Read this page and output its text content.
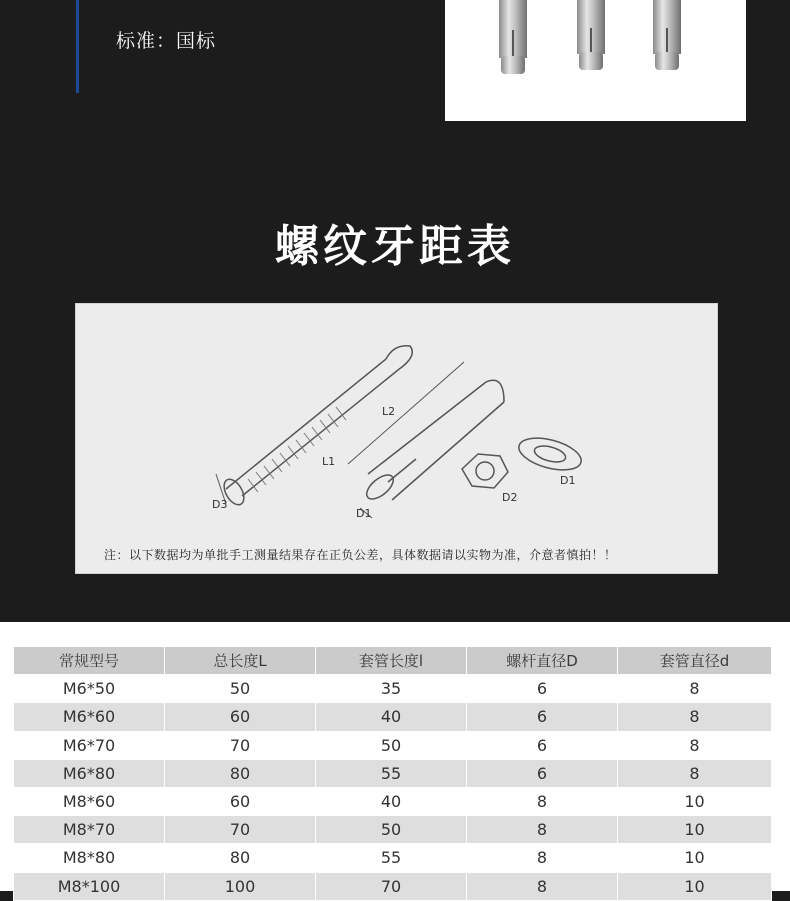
标准：国标
螺纹牙距表
D3
L1
L2
D1
D2
D1
注：以下数据均为单批手工测量结果存在正负公差，具体数据请以实物为准，介意者慎拍！！
常规型号	总长度L	套管长度l	螺杆直径D	套管直径d
M6*50	50	35	6	8
M6*60	60	40	6	8
M6*70	70	50	6	8
M6*80	80	55	6	8
M8*60	60	40	8	10
M8*70	70	50	8	10
M8*80	80	55	8	10
M8*100	100	70	8	10
